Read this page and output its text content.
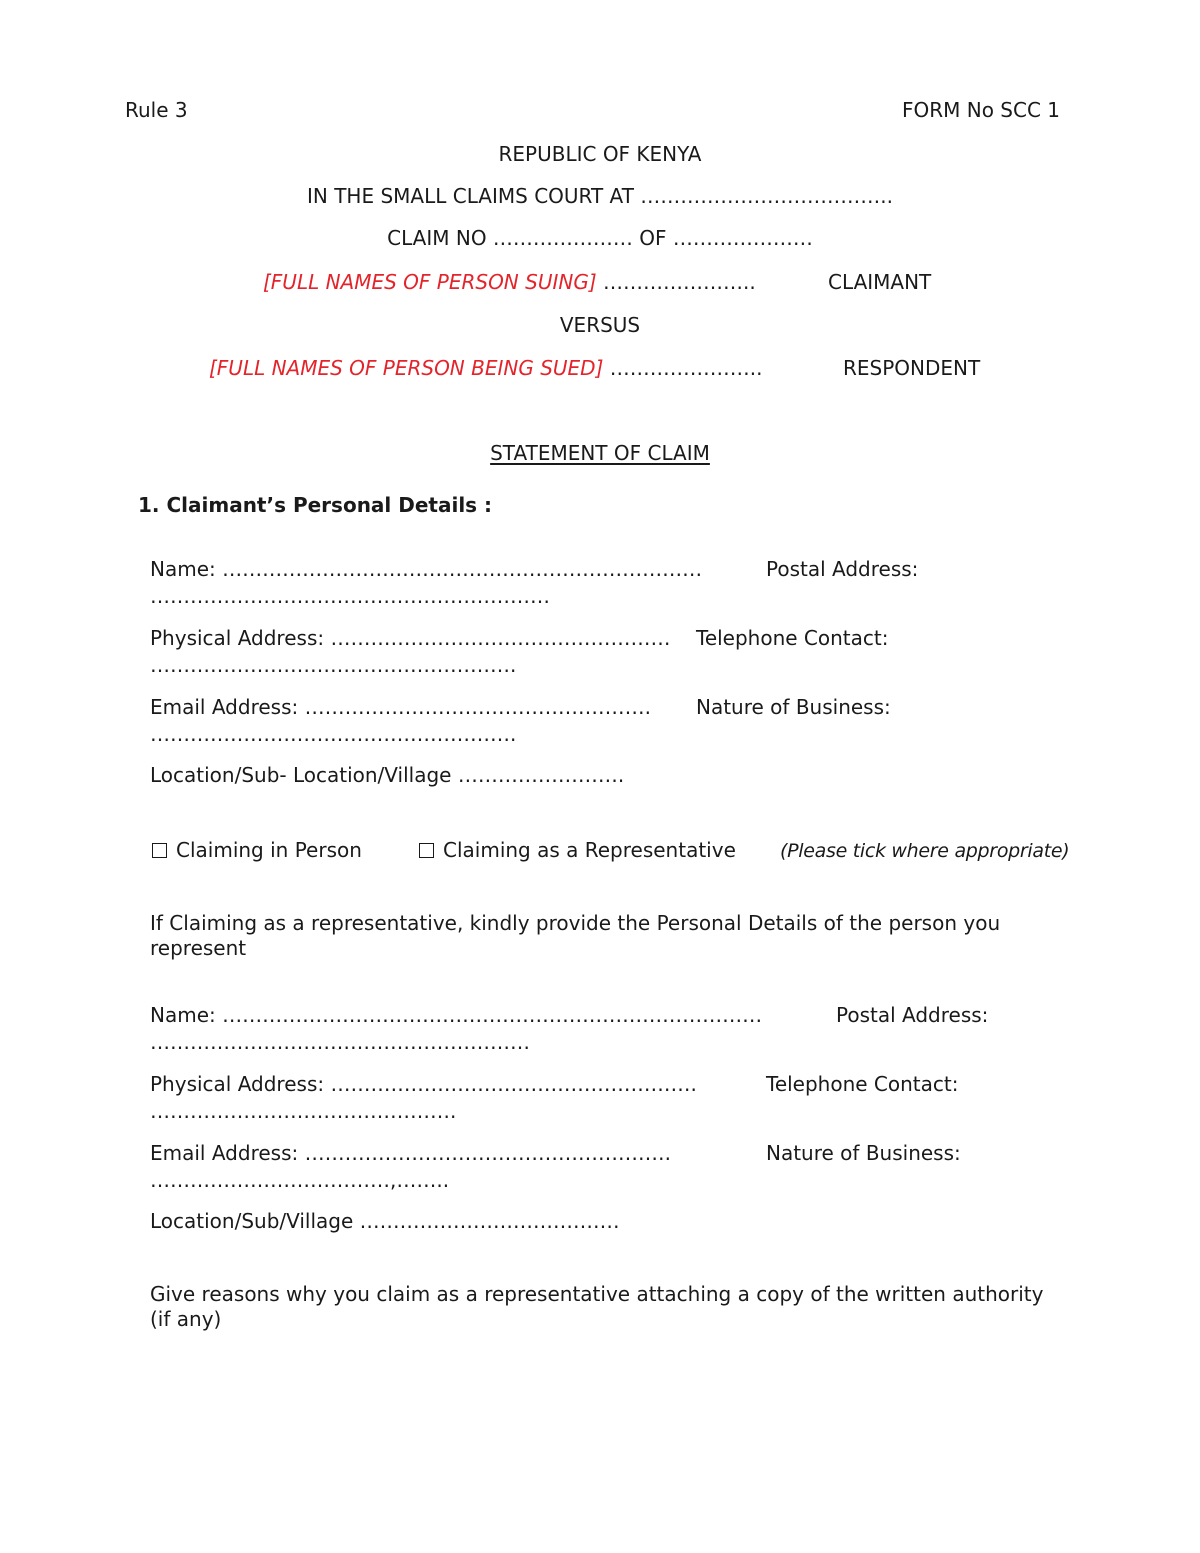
Rule 3	FORM No SCC 1
REPUBLIC OF KENYA
IN THE SMALL CLAIMS COURT AT ………………………………..
CLAIM NO ………………… OF …………………
[FULL NAMES OF PERSON SUING] …………………..	CLAIMANT
VERSUS
[FULL NAMES OF PERSON BEING SUED] …………………..	RESPONDENT
STATEMENT OF CLAIM
1. Claimant’s Personal Details :
Name: ………………………………………………………………	Postal Address:
……………………………………………………
Physical Address: …………………………………………… Telephone Contact:
……………………………………………….
Email Address: ……………………………………………. Nature of Business:
……………………………………………….
Location/Sub- Location/Village …………………….
Claiming in Person	Claiming as a Representative (Please tick where appropriate)
If Claiming as a representative, kindly provide the Personal Details of the person you represent
Name: ………………………………………………………………………	Postal Address:
…………………………………………………
Physical Address: ……………………………………………….	Telephone Contact:
……………………………………….
Email Address: ……………………………………………….	Nature of Business:
………………………………,……..
Location/Sub/Village …………………………………
Give reasons why you claim as a representative attaching a copy of the written authority (if any)
